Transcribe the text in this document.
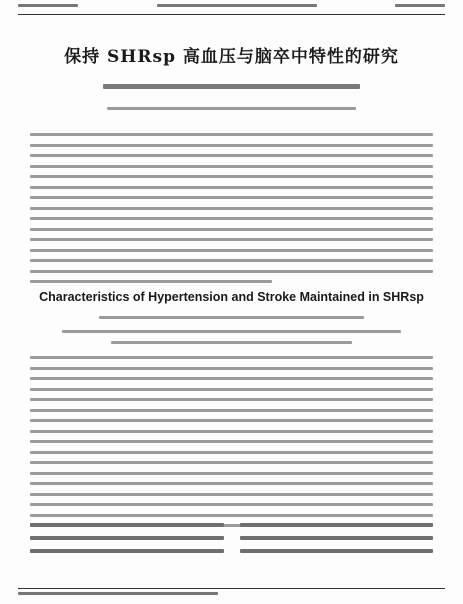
保持 SHRsp 高血压与脑卒中特性的研究
Characteristics of Hypertension and Stroke Maintained in SHRsp
